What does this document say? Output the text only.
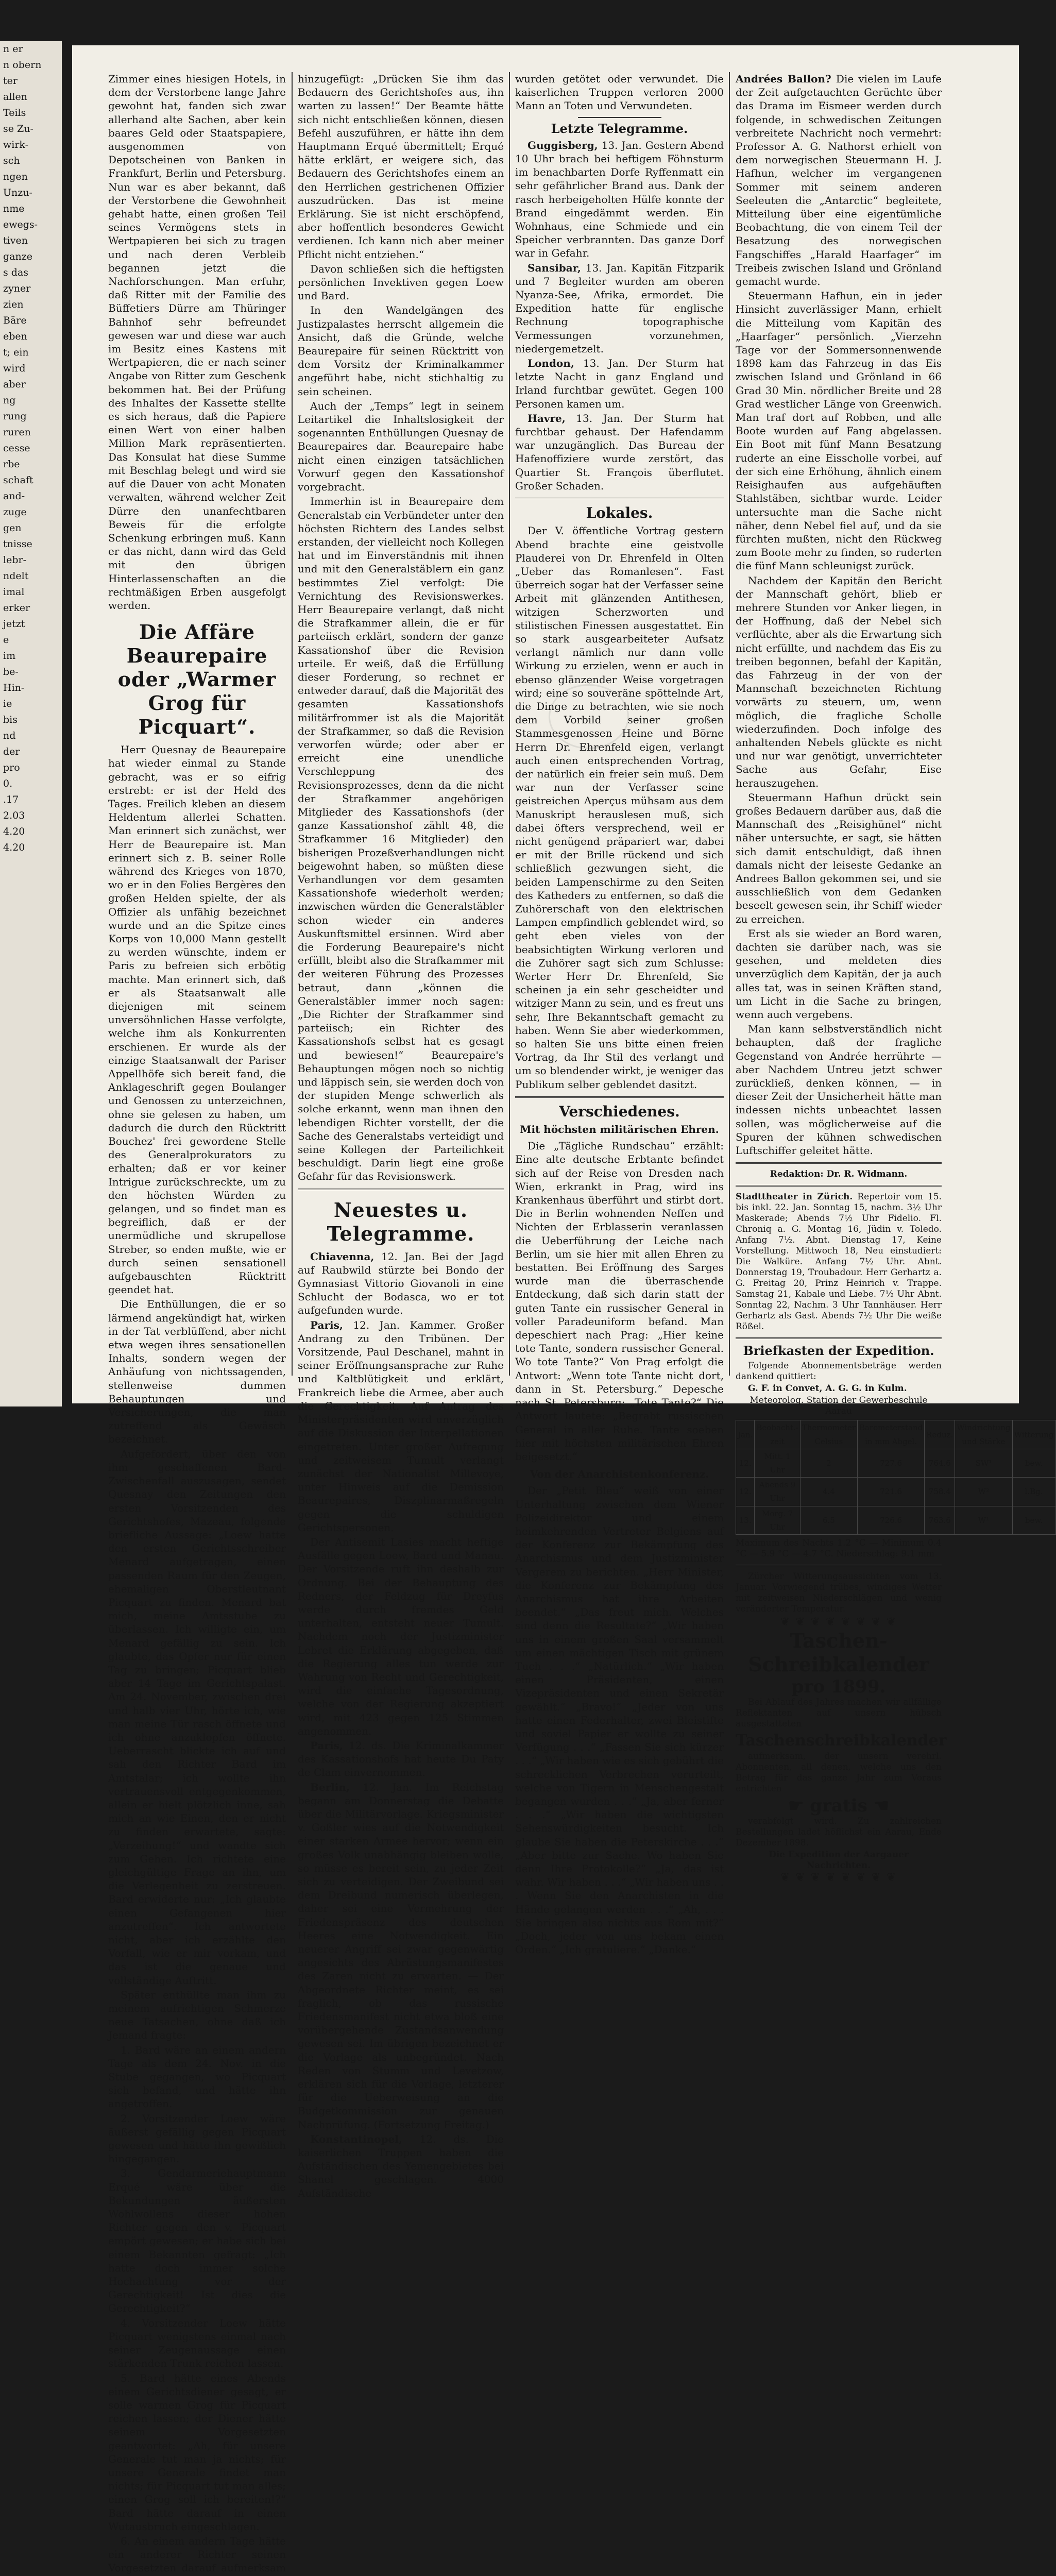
n er
n obern
ter
allen
Teils
se Zu-
wirk-
sch
ngen
Unzu-
nme
ewegs-
tiven
ganze
s das
zyner
zien
Bäre
eben
t; ein
wird
aber
ng
rung
ruren
cesse
rbe
schaft
and-
zuge
gen
tnisse
lebr-
ndelt
imal
erker
jetzt
e
im
be-
Hin-
ie
bis
nd
der
pro
0.
.17
2.03
4.20
4.20

Zimmer eines hiesigen Hotels, in dem der Verstorbene lange Jahre gewohnt hat, fanden sich zwar allerhand alte Sachen, aber kein baares Geld oder Staatspapiere, ausgenommen von Depotscheinen von Banken in Frankfurt, Berlin und Petersburg. Nun war es aber bekannt, daß der Verstorbene die Gewohnheit gehabt hatte, einen großen Teil seines Vermögens stets in Wertpapieren bei sich zu tragen und nach deren Verbleib begannen jetzt die Nachforschungen. Man erfuhr, daß Ritter mit der Familie des Büffetiers Dürre am Thüringer Bahnhof sehr befreundet gewesen war und diese war auch im Besitz eines Kastens mit Wertpapieren, die er nach seiner Angabe von Ritter zum Geschenk bekommen hat. Bei der Prüfung des Inhaltes der Kassette stellte es sich heraus, daß die Papiere einen Wert von einer halben Million Mark repräsentierten. Das Konsulat hat diese Summe mit Beschlag belegt und wird sie auf die Dauer von acht Monaten verwalten, während welcher Zeit Dürre den unanfechtbaren Beweis für die erfolgte Schenkung erbringen muß. Kann er das nicht, dann wird das Geld mit den übrigen Hinterlassenschaften an die rechtmäßigen Erben ausgefolgt werden.

Die Affäre Beaurepaire oder „Warmer Grog für Picquart“.

Herr Quesnay de Beaurepaire hat wieder einmal zu Stande gebracht, was er so eifrig erstrebt: er ist der Held des Tages. Freilich kleben an diesem Heldentum allerlei Schatten. Man erinnert sich zunächst, wer Herr de Beaurepaire ist. Man erinnert sich z. B. seiner Rolle während des Krieges von 1870, wo er in den Folies Bergères den großen Helden spielte, der als Offizier als unfähig bezeichnet wurde und an die Spitze eines Korps von 10,000 Mann gestellt zu werden wünschte, indem er Paris zu befreien sich erbötig machte. Man erinnert sich, daß er als Staatsanwalt alle diejenigen mit seinem unversöhnlichen Hasse verfolgte, welche ihm als Konkurrenten erschienen. Er wurde als der einzige Staatsanwalt der Pariser Appellhöfe sich bereit fand, die Anklageschrift gegen Boulanger und Genossen zu unterzeichnen, ohne sie gelesen zu haben, um dadurch die durch den Rücktritt Bouchez' frei gewordene Stelle des Generalprokurators zu erhalten; daß er vor keiner Intrigue zurückschreckte, um zu den höchsten Würden zu gelangen, und so findet man es begreiflich, daß er der unermüdliche und skrupellose Streber, so enden mußte, wie er durch seinen sensationell aufgebauschten Rücktritt geendet hat.

Die Enthüllungen, die er so lärmend angekündigt hat, wirken in der Tat verblüffend, aber nicht etwa wegen ihres sensationellen Inhalts, sondern wegen der Anhäufung von nichtssagenden, stellenweise dummen Behauptungen und Versicherungen, die man zutreffend als Gewäsch bezeichnet.

Aufgefordert, über den von ihm geschaffenen Bard-Zwischenfall auszusagen, sendet Quesnay den Zeitungen den ersten Vorsitzenden des Gerichtshofes, Mazeau, folgende briefliche Aussage: „Loew hatte den ersten Gerichtsschreiber Menard aufgetragen, einen passenden Raum für den Zeugen, ehemaligen Oberstleutnant Picquart zu finden. Menard bat mich, meine Amtsstube zu überlassen. Ich willigte ein, um Menard gefällig zu sein. Ich glaubte, das Opfer nur für einen Tag zu bringen; Picquart blieb aber 14 Tage im Gerichtspalast. Am 24. November, zwischen drei und halb vier Uhr, hörte ich, wie man meine Tür rasch öffnete und ich ohne anzuklopfen öffnete. Ueberrascht blickte ich auf und sah den Richter Bard im Amtstalar; ich wollte ihn vertrauensvoll entgegenkommen, allein er hielt plötzlich inne, sah mich an wie Einen, den er nicht zu finden erwartete, sagte: „Verzeihung!“ und wandte sich zum Gehen. Ich richtete eine gleichgültige Frage an ihn, um die Verlegenheit zu zerstreuen. Bard erwiderte nur: „Ich glaubte einen Gefangenen hier anzutreffen“. Ich antwortete nicht, aber ich erzählte den Vorfall, wie er mir vorkam, und das ist die genaue und vollständige Auftritt.

Später enthüllte man ihm zu meinem aufrichtigen Schmerze neue Tatsachen, ohne daß ich Jemand fragte:

1. Bard wäre an einem andern Tage als dem 24. Nov. in die Stube gegangen, wo Picquart sich befand, und hätte ihn angetroffen.

2. Vorsitzender Loew wäre äußerst gefällig gegen Picquart gewesen und hätte ihn gewißlich hingegangen.

3. Gendarmeriehauptmann Erqué wäre über die Bekundungen äußersten Wohlwollens dieser hohen Richter gegen den v. Picquart empört gewesen; er habe sich bei einem Bekannten gefragt: „Ich hatte doch immer solche Hochachtung vor der Gerechtigkeit! Ist dies die Gerechtigkeit?“

4. Vorsitzender Loew hätte Picquart wenigstens einmal nach seiner Zeugenaussage einen stärkenden Trunk reichen lassen.

5. Bard hätte eines Abends einem Gerichtsdiener gesagt, er solle warmen Grog für Picquart reichen lassen; der Diener hätte seinem Vorgesetzten geantwortet: „Ah, für unsere Generale tut man ja nichts; für unsere Generale findet man nichts; für Picquart tut man alles; einen Grog soll ich bereiten!?“ Bard hätte darauf in einen Wutausbruch eingeschlagen.

6. An einem andern Tage hätte ein anderer Richter seinen Vorgesetzten darauf aufmerksam

hinzugefügt: „Drücken Sie ihm das Bedauern des Gerichtshofes aus, ihn warten zu lassen!“ Der Beamte hätte sich nicht entschließen können, diesen Befehl auszuführen, er hätte ihn dem Hauptmann Erqué übermittelt; Erqué hätte erklärt, er weigere sich, das Bedauern des Gerichtshofes einem an den Herrlichen gestrichenen Offizier auszudrücken. Das ist meine Erklärung. Sie ist nicht erschöpfend, aber hoffentlich besonderes Gewicht verdienen. Ich kann nich aber meiner Pflicht nicht entziehen.“

Davon schließen sich die heftigsten persönlichen Invektiven gegen Loew und Bard.

In den Wandelgängen des Justizpalastes herrscht allgemein die Ansicht, daß die Gründe, welche Beaurepaire für seinen Rücktritt von dem Vorsitz der Kriminalkammer angeführt habe, nicht stichhaltig zu sein scheinen.

Auch der „Temps“ legt in seinem Leitartikel die Inhaltslosigkeit der sogenannten Enthüllungen Quesnay de Beaurepaires dar. Beaurepaire habe nicht einen einzigen tatsächlichen Vorwurf gegen den Kassationshof vorgebracht.

Immerhin ist in Beaurepaire dem Generalstab ein Verbündeter unter den höchsten Richtern des Landes selbst erstanden, der vielleicht noch Kollegen hat und im Einverständnis mit ihnen und mit den Generalstäblern ein ganz bestimmtes Ziel verfolgt: Die Vernichtung des Revisionswerkes. Herr Beaurepaire verlangt, daß nicht die Strafkammer allein, die er für parteiisch erklärt, sondern der ganze Kassationshof über die Revision urteile. Er weiß, daß die Erfüllung dieser Forderung, so rechnet er entweder darauf, daß die Majorität des gesamten Kassationshofs militärfrommer ist als die Majorität der Strafkammer, so daß die Revision verworfen würde; oder aber er erreicht eine unendliche Verschleppung des Revisionsprozesses, denn da die nicht der Strafkammer angehörigen Mitglieder des Kassationshofs (der ganze Kassationshof zählt 48, die Strafkammer 16 Mitglieder) den bisherigen Prozeßverhandlungen nicht beigewohnt haben, so müßten diese Verhandlungen vor dem gesamten Kassationshofe wiederholt werden; inzwischen würden die Generalstäbler schon wieder ein anderes Auskunftsmittel ersinnen. Wird aber die Forderung Beaurepaire's nicht erfüllt, bleibt also die Strafkammer mit der weiteren Führung des Prozesses betraut, dann „können die Generalstäbler immer noch sagen: „Die Richter der Strafkammer sind parteiisch; ein Richter des Kassationshofs selbst hat es gesagt und bewiesen!“ Beaurepaire's Behauptungen mögen noch so nichtig und läppisch sein, sie werden doch von der stupiden Menge schwerlich als solche erkannt, wenn man ihnen den lebendigen Richter vorstellt, der die Sache des Generalstabs verteidigt und seine Kollegen der Parteilichkeit beschuldigt. Darin liegt eine große Gefahr für das Revisionswerk.

Neuestes u. Telegramme.

Chiavenna, 12. Jan. Bei der Jagd auf Raubwild stürzte bei Bondo der Gymnasiast Vittorio Giovanoli in eine Schlucht der Bodasca, wo er tot aufgefunden wurde.

Paris, 12. Jan. Kammer. Großer Andrang zu den Tribünen. Der Vorsitzende, Paul Deschanel, mahnt in seiner Eröffnungsansprache zur Ruhe und Kaltblütigkeit und erklärt, Frankreich liebe die Armee, aber auch die Gerechtigkeit. Auf Antrag des Ministerpräsidenten wird unverzüglich auf die Diskussion der Interpellationen eingetreten. Unter großer Aufregung und zeitweisem Tumult verlangt zunächst der Nationalist Millevoye, unter Hinweis auf die Demission Beaurepaires, Diszplinarmaßregeln gegen die schuldigen Gerichtspersonen.

Der Antisemit Lasies macht heftige Ausfälle gegen Loew, Bard und Manau. Der Vorsitzende ruft ihn deshalb zur Ordnung. Bei der Behauptung des Redners, der Feldzug für Dreyfus werde durch fremdes Geld unterhalten, entsteht neuer Tumult. Nachdem noch der Justizminister Lebret die Erklärung abgegeben, daß die Regierung alles tun werde zur Wahrung von Recht und Gerechtigkeit, wird die einfache Tagesordnung, welche von der Regierung akzeptiert wird, mit 423 gegen 125 Stimmen angenommen.

Paris, 12. ds. Die Kriminalkammer des Kassationshofs hat heute Du Paty de Clam einvernommen.

Berlin, 12. Jan. Im Reichstag begann am Donnerstag die Debatte über die Militärvorlage. Kriegsminister v. Goßler wies auf die Notwendigkeit einer starken Armee hervor; wenn ein großes Volk unabhängig bleiben wolle, so müsse es bereit sein, zu jeder Zeit sich zu verteidigen. Der Zweibund sei dem Dreibund numerisch überlegen, daher sei eine Vermehrung der Friedenspräsenz des deutschen Heeres eine Notwendigkeit. Ein neuerer Angriff sei zwar gegenwärtig angesichts des Abrüstungsmanifestes des Zaren nicht zu erwarten. — Der Abgeordnete Richter meint, es sei fraglich, ob das russische Friedensmanifest nicht etwa bloß eine vorübergehende Zustandsanwendung gewesen sei. Im übrigen bezeichnet er die Vorlage als unbegründet. Nach Reden von Stumm und Levetzow, erklären sich für die Vorlage, letzterer für die Ueberweisung an die Budgetkommission zur genauen Nachprüfung. (Fortsetzung Freitag.)

Konstantinopel, 12. ds. Die kaiserlichen Truppen haben die Aufständischen des Yemengebietes bei Shanel geschlagen. 4000 Aufständische

wurden getötet oder verwundet. Die kaiserlichen Truppen verloren 2000 Mann an Toten und Verwundeten.

Letzte Telegramme.

Guggisberg, 13. Jan. Gestern Abend 10 Uhr brach bei heftigem Föhnsturm im benachbarten Dorfe Ryffenmatt ein sehr gefährlicher Brand aus. Dank der rasch herbeigeholten Hülfe konnte der Brand eingedämmt werden. Ein Wohnhaus, eine Schmiede und ein Speicher verbrannten. Das ganze Dorf war in Gefahr.

Sansibar, 13. Jan. Kapitän Fitzparik und 7 Begleiter wurden am oberen Nyanza-See, Afrika, ermordet. Die Expedition hatte für englische Rechnung topographische Vermessungen vorzunehmen, niedergemetzelt.

London, 13. Jan. Der Sturm hat letzte Nacht in ganz England und Irland furchtbar gewütet. Gegen 100 Personen kamen um.

Havre, 13. Jan. Der Sturm hat furchtbar gehaust. Der Hafendamm war unzugänglich. Das Bureau der Hafenoffiziere wurde zerstört, das Quartier St. François überflutet. Großer Schaden.

Lokales.

Der V. öffentliche Vortrag gestern Abend brachte eine geistvolle Plauderei von Dr. Ehrenfeld in Olten „Ueber das Romanlesen“. Fast überreich sogar hat der Verfasser seine Arbeit mit glänzenden Antithesen, witzigen Scherzworten und stilistischen Finessen ausgestattet. Ein so stark ausgearbeiteter Aufsatz verlangt nämlich nur dann volle Wirkung zu erzielen, wenn er auch in ebenso glänzender Weise vorgetragen wird; eine so souveräne spöttelnde Art, die Dinge zu betrachten, wie sie noch dem Vorbild seiner großen Stammesgenossen Heine und Börne Herrn Dr. Ehrenfeld eigen, verlangt auch einen entsprechenden Vortrag, der natürlich ein freier sein muß. Dem war nun der Verfasser seine geistreichen Aperçus mühsam aus dem Manuskript herauslesen muß, sich dabei öfters versprechend, weil er nicht genügend präpariert war, dabei er mit der Brille rückend und sich schließlich gezwungen sieht, die beiden Lampenschirme zu den Seiten des Katheders zu entfernen, so daß die Zuhörerschaft von den elektrischen Lampen empfindlich geblendet wird, so geht eben vieles von der beabsichtigten Wirkung verloren und die Zuhörer sagt sich zum Schlusse: Werter Herr Dr. Ehrenfeld, Sie scheinen ja ein sehr gescheidter und witziger Mann zu sein, und es freut uns sehr, Ihre Bekanntschaft gemacht zu haben. Wenn Sie aber wiederkommen, so halten Sie uns bitte einen freien Vortrag, da Ihr Stil des verlangt und um so blendender wirkt, je weniger das Publikum selber geblendet dasitzt.

Verschiedenes.
Mit höchsten militärischen Ehren.

Die „Tägliche Rundschau“ erzählt: Eine alte deutsche Erbtante befindet sich auf der Reise von Dresden nach Wien, erkrankt in Prag, wird ins Krankenhaus überführt und stirbt dort. Die in Berlin wohnenden Neffen und Nichten der Erblasserin veranlassen die Ueberführung der Leiche nach Berlin, um sie hier mit allen Ehren zu bestatten. Bei Eröffnung des Sarges wurde man die überraschende Entdeckung, daß sich darin statt der guten Tante ein russischer General in voller Paradeuniform befand. Man depeschiert nach Prag: „Hier keine tote Tante, sondern russischer General. Wo tote Tante?“ Von Prag erfolgt die Antwort: „Wenn tote Tante nicht dort, dann in St. Petersburg.“ Depesche nach St. Petersburg: „Tote Tante?“ Die Antwort lautete: „Begrabt russischen General in aller Ruhe. Tante soeben hier mit höchsten militärischen Ehren beigesetzt.“

Von der Anarchistenkonferenz.

Der „Petit Bleu“ weiß von einer Unterhaltung zwischen dem Wiener Polizeidirektor und einem heimkehrenden Vertreter Belgiens auf der Konferenz zur Bekämpfung des Anarchismus und dem Justizminister Vergerem zu berichten. „Herr Minister, die Konferenz zur Bekämpfung des Anarchismus hat ihre Arbeiten beendet.“ „Das freut mich. Welches sind denn die Resultate?“ „Wir haben uns in einem großen Saal versammelt um einen mächtigen Tisch mit grünem Tuch . . .“ „Natürlich.“ „Wir haben einen Präsidenten, einen Vizepräsidenten und einen Sekretär gewählt.“ „Bravo!“ „Jeder von uns hatte einen Federhalter, zwei Bleistifte und soviel Papier er wollte zu seiner Verfügung . . .“ „Fassen Sie sich kürzer . . .“ „Wir haben wie es sich gebührt die schrecklichen Verbrechen verurteilt, welche von Tigern in Menschengestalt begangen wurden . . .“ „Ja, aber ferner . . .“ „Wir haben die wichtigsten Sehenswürdigkeiten besucht. Ich glaube Sie haben die Peterskirche . . .“ „Aber bitte zur Sache. Wo haben Sie denn Ihre Protokolle?“ „Ja, das ist wahr. Wir haben . . .“ „Wir haben uns . . . Wenn Sie den Anarchisten in die Hände gelangen werden . . .“ „Ah, . . . Sie bringen also nichts aus Rom mit?“ „Doch, jeder von uns bekam einen Orden.“ „Ich gratuliere.“ „Danke.“

Andrées Ballon? Die vielen im Laufe der Zeit aufgetauchten Gerüchte über das Drama im Eismeer werden durch folgende, in schwedischen Zeitungen verbreitete Nachricht noch vermehrt: Professor A. G. Nathorst erhielt von dem norwegischen Steuermann H. J. Hafhun, welcher im vergangenen Sommer mit seinem anderen Seeleuten die „Antarctic“ begleitete, Mitteilung über eine eigentümliche Beobachtung, die von einem Teil der Besatzung des norwegischen Fangschiffes „Harald Haarfager“ im Treibeis zwischen Island und Grönland gemacht wurde.

Steuermann Hafhun, ein in jeder Hinsicht zuverlässiger Mann, erhielt die Mitteilung vom Kapitän des „Haarfager“ persönlich. „Vierzehn Tage vor der Sommersonnenwende 1898 kam das Fahrzeug in das Eis zwischen Island und Grönland in 66 Grad 30 Min. nördlicher Breite und 28 Grad westlicher Länge von Greenwich. Man traf dort auf Robben, und alle Boote wurden auf Fang abgelassen. Ein Boot mit fünf Mann Besatzung ruderte an eine Eisscholle vorbei, auf der sich eine Erhöhung, ähnlich einem Reisighaufen aus aufgehäuften Stahlstäben, sichtbar wurde. Leider untersuchte man die Sache nicht näher, denn Nebel fiel auf, und da sie fürchten mußten, nicht den Rückweg zum Boote mehr zu finden, so ruderten die fünf Mann schleunigst zurück.

Nachdem der Kapitän den Bericht der Mannschaft gehört, blieb er mehrere Stunden vor Anker liegen, in der Hoffnung, daß der Nebel sich verflüchte, aber als die Erwartung sich nicht erfüllte, und nachdem das Eis zu treiben begonnen, befahl der Kapitän, das Fahrzeug in der von der Mannschaft bezeichneten Richtung vorwärts zu steuern, um, wenn möglich, die fragliche Scholle wiederzufinden. Doch infolge des anhaltenden Nebels glückte es nicht und nur war genötigt, unverrichteter Sache aus Gefahr, Eise herauszugehen.

Steuermann Hafhun drückt sein großes Bedauern darüber aus, daß die Mannschaft des „Reisighünel“ nicht näher untersuchte, er sagt, sie hätten sich damit entschuldigt, daß ihnen damals nicht der leiseste Gedanke an Andrees Ballon gekommen sei, und sie ausschließlich von dem Gedanken beseelt gewesen sein, ihr Schiff wieder zu erreichen.

Erst als sie wieder an Bord waren, dachten sie darüber nach, was sie gesehen, und meldeten dies unverzüglich dem Kapitän, der ja auch alles tat, was in seinen Kräften stand, um Licht in die Sache zu bringen, wenn auch vergebens.

Man kann selbstverständlich nicht behaupten, daß der fragliche Gegenstand von Andrée herrührte — aber Nachdem Untreu jetzt schwer zurückließ, denken können, — in dieser Zeit der Unsicherheit hätte man indessen nichts unbeachtet lassen sollen, was möglicherweise auf die Spuren der kühnen schwedischen Luftschiffer geleitet hätte.

Redaktion: Dr. R. Widmann.

Stadttheater in Zürich. Repertoir vom 15. bis inkl. 22. Jan. Sonntag 15, nachm. 3½ Uhr Maskerade; Abends 7½ Uhr Fidelio. Fl. Chroniq a. G. Montag 16, Jüdin v. Toledo. Anfang 7½. Abnt. Dienstag 17, Keine Vorstellung. Mittwoch 18, Neu einstudiert: Die Walküre. Anfang 7½ Uhr. Abnt. Donnerstag 19, Troubadour. Herr Gerhartz a. G. Freitag 20, Prinz Heinrich v. Trappe. Samstag 21, Kabale und Liebe. 7½ Uhr Abnt. Sonntag 22, Nachm. 3 Uhr Tannhäuser. Herr Gerhartz als Gast. Abends 7½ Uhr Die weiße Rößel.

Briefkasten der Expedition.

Folgende Abonnementsbeträge werden dankend quittiert:

G. F. in Convet, A. G. G. in Kulm.

Meteorolog. Station der Gewerbeschule Aarau
Jan.	Beobacht.-zeit	Thermometer Celsius	Barometerstand in mm Abgel.	Reduz.	Windrichtung und Stärke	Witterung
12.	Mitt. 1 Uhr	2	727.6	764.6	SW¹	bew.
12.	Abends 9 Uhr	4.4	721.6	758.4	W²	l.Bg.
13.	Morg. 7 Uhr	6.5	726.6	763.6	W¹	bew.
Maximum des Nachts 1.2 °C — Minimum 0.4 °C — 5.9 °C — 4.7 °C. Niederschlag: 9.1 mm

Zürcher Witterungsaussichten vom 13. Januar. Vorwiegend trübes, windiges Wetter mit zeitweisen Niederschlägen und wenig veränderter Temperatur.

❦ ❦ ❦ ❦ ❦ ❦ ❦ ❦
Taschen-Schreibkalender
pro 1899.

Bei Ablauf des Jahres machen wir allfällige Reflektanten auf unsern hübsch ausgestatteten

Taschenschreibkalender

aufmerksam, der unsern verehrl. Abonnenten, all denen, welche uns den Betrag für das ganze Jahr zum Voraus entrichten

☛ gratis ☚

verabfolgt wird. Zu zahlreichen Bestellungen ladet höflichst ein Aarau, Ende Dezember 1898.

Die Expedition der Aargauer Nachrichten.
❦ ❦ ❦ ❦ ❦ ❦ ❦ ❦
